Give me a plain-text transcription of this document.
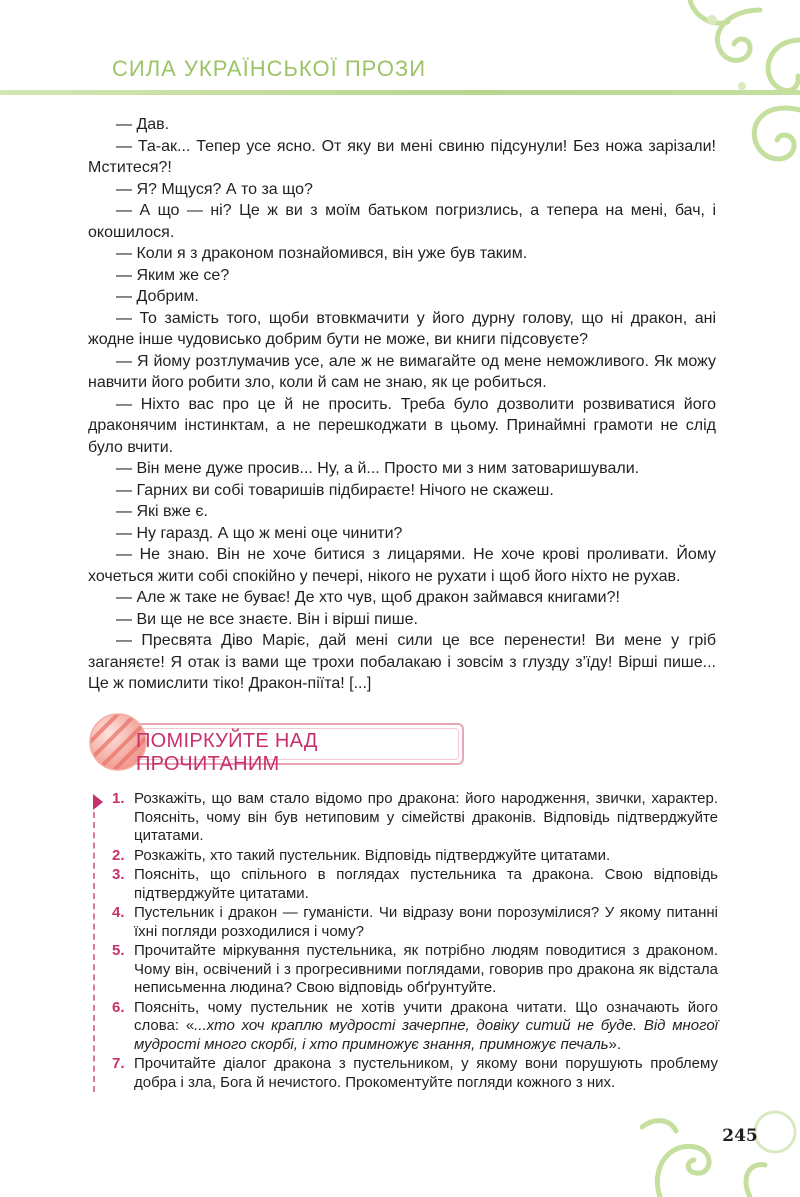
СИЛА УКРАЇНСЬКОЇ ПРОЗИ

— Дав.

— Та-ак... Тепер усе ясно. От яку ви мені свиню підсунули! Без ножа зарізали! Мститеся?!

— Я? Мщуся? А то за що?

— А що — ні? Це ж ви з моїм батьком погризлись, а тепера на мені, бач, і окошилося.

— Коли я з драконом познайомився, він уже був таким.

— Яким же се?

— Добрим.

— То замість того, щоби втовкмачити у його дурну голову, що ні дракон, ані жодне інше чудовисько добрим бути не може, ви книги підсовуєте?

— Я йому розтлумачив усе, але ж не вимагайте од мене неможливого. Як можу навчити його робити зло, коли й сам не знаю, як це робиться.

— Ніхто вас про це й не просить. Треба було дозволити розвиватися його драконячим інстинктам, а не перешкоджати в цьому. Принаймні грамоти не слід було вчити.

— Він мене дуже просив... Ну, а й... Просто ми з ним затоваришували.

— Гарних ви собі товаришів підбираєте! Нічого не скажеш.

— Які вже є.

— Ну гаразд. А що ж мені оце чинити?

— Не знаю. Він не хоче битися з лицарями. Не хоче крові проливати. Йому хочеться жити собі спокійно у печері, нікого не рухати і щоб його ніхто не рухав.

— Але ж таке не буває! Де хто чув, щоб дракон займався книгами?!

— Ви ще не все знаєте. Він і вірші пише.

— Пресвята Діво Маріє, дай мені сили це все перенести! Ви мене у гріб заганяєте! Я отак із вами ще трохи побалакаю і зовсім з глузду з’їду! Вірші пише... Це ж помислити тіко! Дракон-піїта! [...]

ПОМІРКУЙТЕ НАД ПРОЧИТАНИМ
1. Розкажіть, що вам стало відомо про дракона: його народження, звички, характер. Поясніть, чому він був нетиповим у сімействі драконів. Відповідь підтверджуйте цитатами.
2. Розкажіть, хто такий пустельник. Відповідь підтверджуйте цитатами.
3. Поясніть, що спільного в поглядах пустельника та дракона. Свою відповідь підтверджуйте цитатами.
4. Пустельник і дракон — гуманісти. Чи відразу вони порозумілися? У якому питанні їхні погляди розходилися і чому?
5. Прочитайте міркування пустельника, як потрібно людям поводитися з драконом. Чому він, освічений і з прогресивними поглядами, говорив про дракона як відсталa неписьменна людина? Свою відповідь обґрунтуйте.
6. Поясніть, чому пустельник не хотів учити дракона читати. Що означають його слова: «...хто хоч краплю мудрості зачерпне, довіку ситий не буде. Від многої мудрості много скорбі, і хто примножує знання, примножує печаль».
7. Прочитайте діалог дракона з пустельником, у якому вони порушують проблему добра і зла, Бога й нечистого. Прокоментуйте погляди кожного з них.
245
